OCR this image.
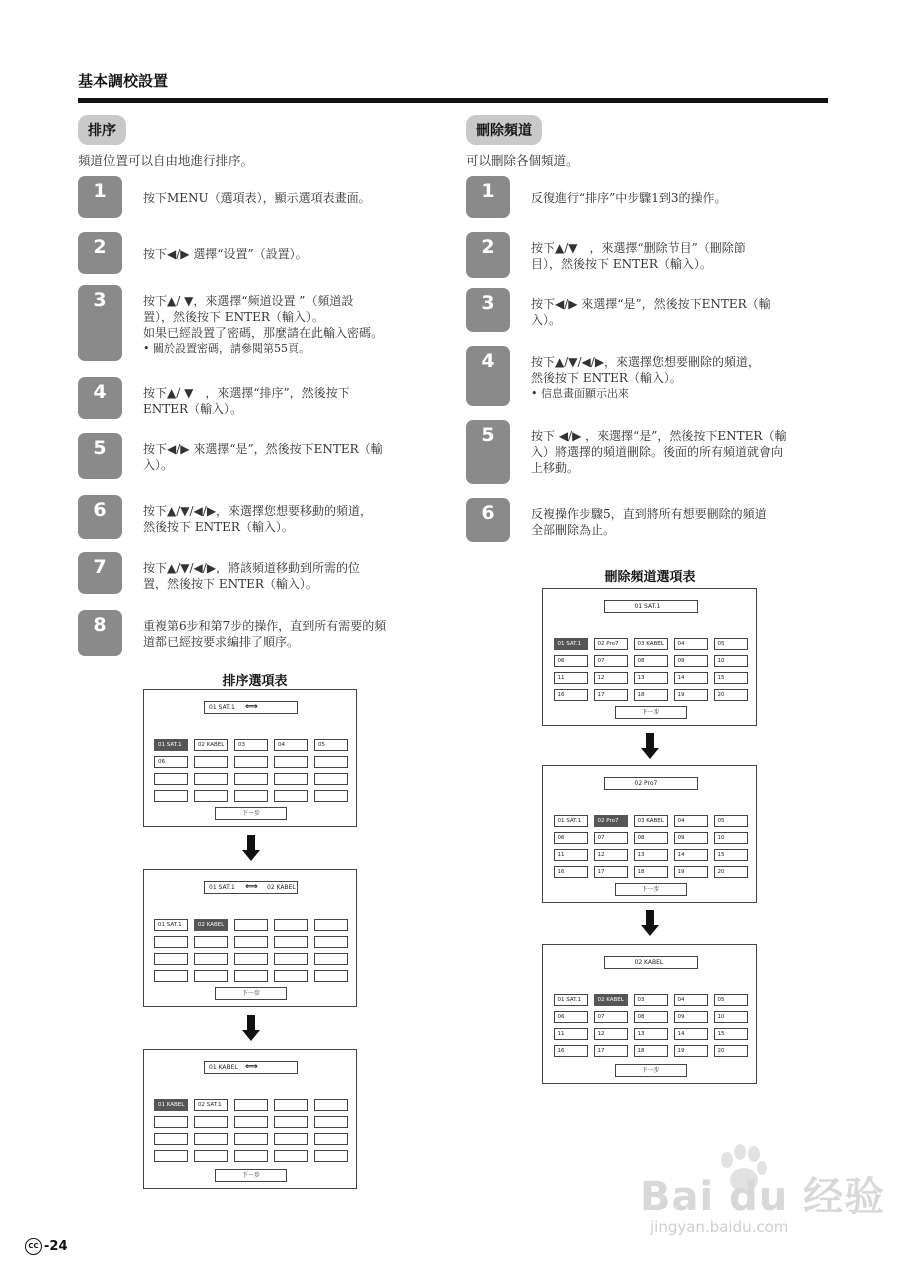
基本調校設置
排序
頻道位置可以自由地進行排序。
刪除頻道
可以刪除各個頻道。
1	按下MENU（選項表），顯示選項表畫面。
2	按下◀/▶ 選擇“设置”（設置）。
3	按下▲/ ▼，來選擇“频道设置 ”（頻道設
置），然後按下 ENTER（輸入）。
如果已經設置了密碼，那麼請在此輸入密碼。
• 關於設置密碼，請參閱第55頁。
4	按下▲/ ▼　，來選擇“排序”，然後按下
ENTER（輸入）。
5	按下◀/▶ 來選擇“是”，然後按下ENTER（輸
入）。
6	按下▲/▼/◀/▶，來選擇您想要移動的頻道，
然後按下 ENTER（輸入）。
7	按下▲/▼/◀/▶，將該頻道移動到所需的位
置，然後按下 ENTER（輸入）。
8	重複第6步和第7步的操作，直到所有需要的頻
道都已經按要求編排了順序。
1	反復進行“排序”中步驟1到3的操作。
2	按下▲/▼　，來選擇“删除节目”（刪除節
目），然後按下 ENTER（輸入）。
3	按下◀/▶ 來選擇“是”，然後按下ENTER（輸
入）。
4	按下▲/▼/◀/▶，來選擇您想要刪除的頻道，
然後按下 ENTER（輸入）。
• 信息畫面顯示出來
5	按下 ◀/▶ ，來選擇“是”，然後按下ENTER（輸
入）將選擇的頻道刪除。後面的所有頻道就會向
上移動。
6	反複操作步驟5，直到將所有想要刪除的頻道
全部刪除為止。
排序選項表
刪除頻道選項表
01 SAT.1 ⟺
01 SAT.1	02 KABEL	03	04	05
06
下一步
01 SAT.1 ⟺ 02 KABEL
01 SAT.1	02 KABEL
下一步
01 KABEL ⟺
01 KABEL	02 SAT.1
下一步
01 SAT.1
01 SAT.1	02 Pro7	03 KABEL	04	05
06	07	08	09	10
11	12	13	14	15
16	17	18	19	20
下一步
02 Pro7
01 SAT.1	02 Pro7	03 KABEL	04	05
06	07	08	09	10
11	12	13	14	15
16	17	18	19	20
下一步
02 KABEL
01 SAT.1	02 KABEL	03	04	05
06	07	08	09	10
11	12	13	14	15
16	17	18	19	20
下一步
CC -24
Bai du 经验
jingyan.baidu.com
